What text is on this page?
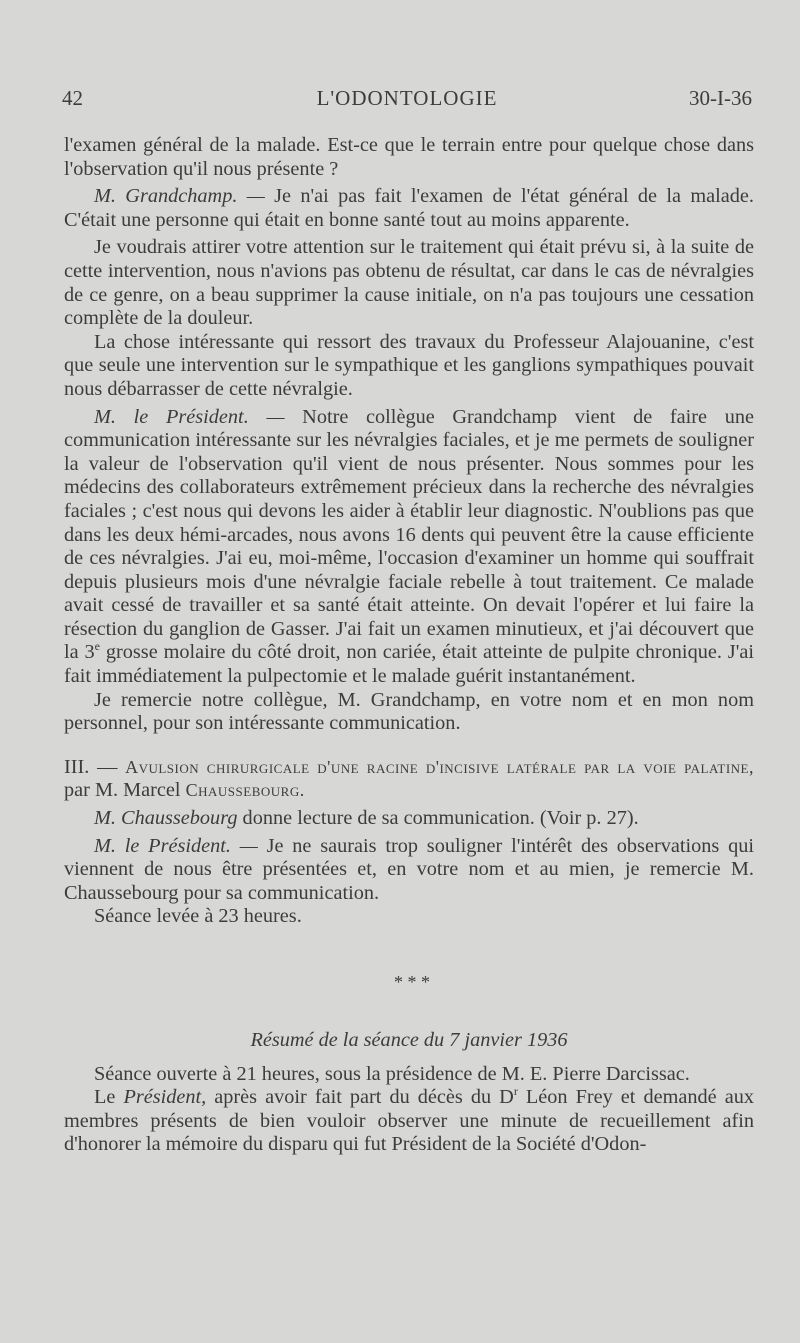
42	L'ODONTOLOGIE	30-I-36

l'examen général de la malade. Est-ce que le terrain entre pour quelque chose dans l'observation qu'il nous présente ?

M. Grandchamp. — Je n'ai pas fait l'examen de l'état général de la malade. C'était une personne qui était en bonne santé tout au moins apparente.

Je voudrais attirer votre attention sur le traitement qui était prévu si, à la suite de cette intervention, nous n'avions pas obtenu de résultat, car dans le cas de névralgies de ce genre, on a beau supprimer la cause initiale, on n'a pas toujours une cessation complète de la douleur.

La chose intéressante qui ressort des travaux du Professeur Alajouanine, c'est que seule une intervention sur le sympathique et les ganglions sympathiques pouvait nous débarrasser de cette névralgie.

M. le Président. — Notre collègue Grandchamp vient de faire une communication intéressante sur les névralgies faciales, et je me permets de souligner la valeur de l'observation qu'il vient de nous présenter. Nous sommes pour les médecins des collaborateurs extrêmement précieux dans la recherche des névralgies faciales ; c'est nous qui devons les aider à établir leur diagnostic. N'oublions pas que dans les deux hémi-arcades, nous avons 16 dents qui peuvent être la cause efficiente de ces névralgies. J'ai eu, moi-même, l'occasion d'examiner un homme qui souffrait depuis plusieurs mois d'une névralgie faciale rebelle à tout traitement. Ce malade avait cessé de travailler et sa santé était atteinte. On devait l'opérer et lui faire la résection du ganglion de Gasser. J'ai fait un examen minutieux, et j'ai découvert que la 3e grosse molaire du côté droit, non cariée, était atteinte de pulpite chronique. J'ai fait immédiatement la pulpectomie et le malade guérit instantanément.

Je remercie notre collègue, M. Grandchamp, en votre nom et en mon nom personnel, pour son intéressante communication.

III. — Avulsion chirurgicale d'une racine d'incisive latérale par la voie palatine, par M. Marcel Chaussebourg.

M. Chaussebourg donne lecture de sa communication. (Voir p. 27).

M. le Président. — Je ne saurais trop souligner l'intérêt des observations qui viennent de nous être présentées et, en votre nom et au mien, je remercie M. Chaussebourg pour sa communication.

Séance levée à 23 heures.

* * *

Résumé de la séance du 7 janvier 1936

Séance ouverte à 21 heures, sous la présidence de M. E. Pierre Darcissac.

Le Président, après avoir fait part du décès du $D^r$ Léon Frey et demandé aux membres présents de bien vouloir observer une minute de recueillement afin d'honorer la mémoire du disparu qui fut Président de la Société d'Odon-
